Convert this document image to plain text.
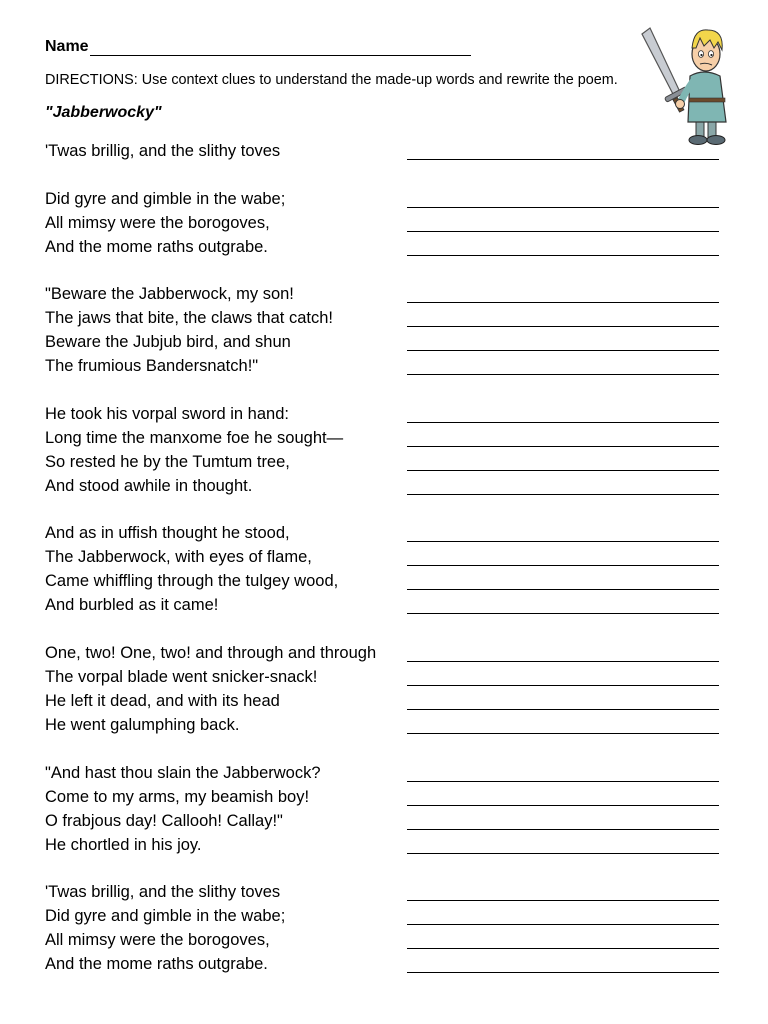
Name
DIRECTIONS: Use context clues to understand the made-up words and rewrite the poem.
"Jabberwocky"
'Twas brillig, and the slithy toves
Did gyre and gimble in the wabe;
All mimsy were the borogoves,
And the mome raths outgrabe.
"Beware the Jabberwock, my son!
The jaws that bite, the claws that catch!
Beware the Jubjub bird, and shun
The frumious Bandersnatch!"
He took his vorpal sword in hand:
Long time the manxome foe he sought—
So rested he by the Tumtum tree,
And stood awhile in thought.
And as in uffish thought he stood,
The Jabberwock, with eyes of flame,
Came whiffling through the tulgey wood,
And burbled as it came!
One, two! One, two! and through and through
The vorpal blade went snicker-snack!
He left it dead, and with its head
He went galumphing back.
"And hast thou slain the Jabberwock?
Come to my arms, my beamish boy!
O frabjous day! Callooh! Callay!"
He chortled in his joy.
'Twas brillig, and the slithy toves
Did gyre and gimble in the wabe;
All mimsy were the borogoves,
And the mome raths outgrabe.
